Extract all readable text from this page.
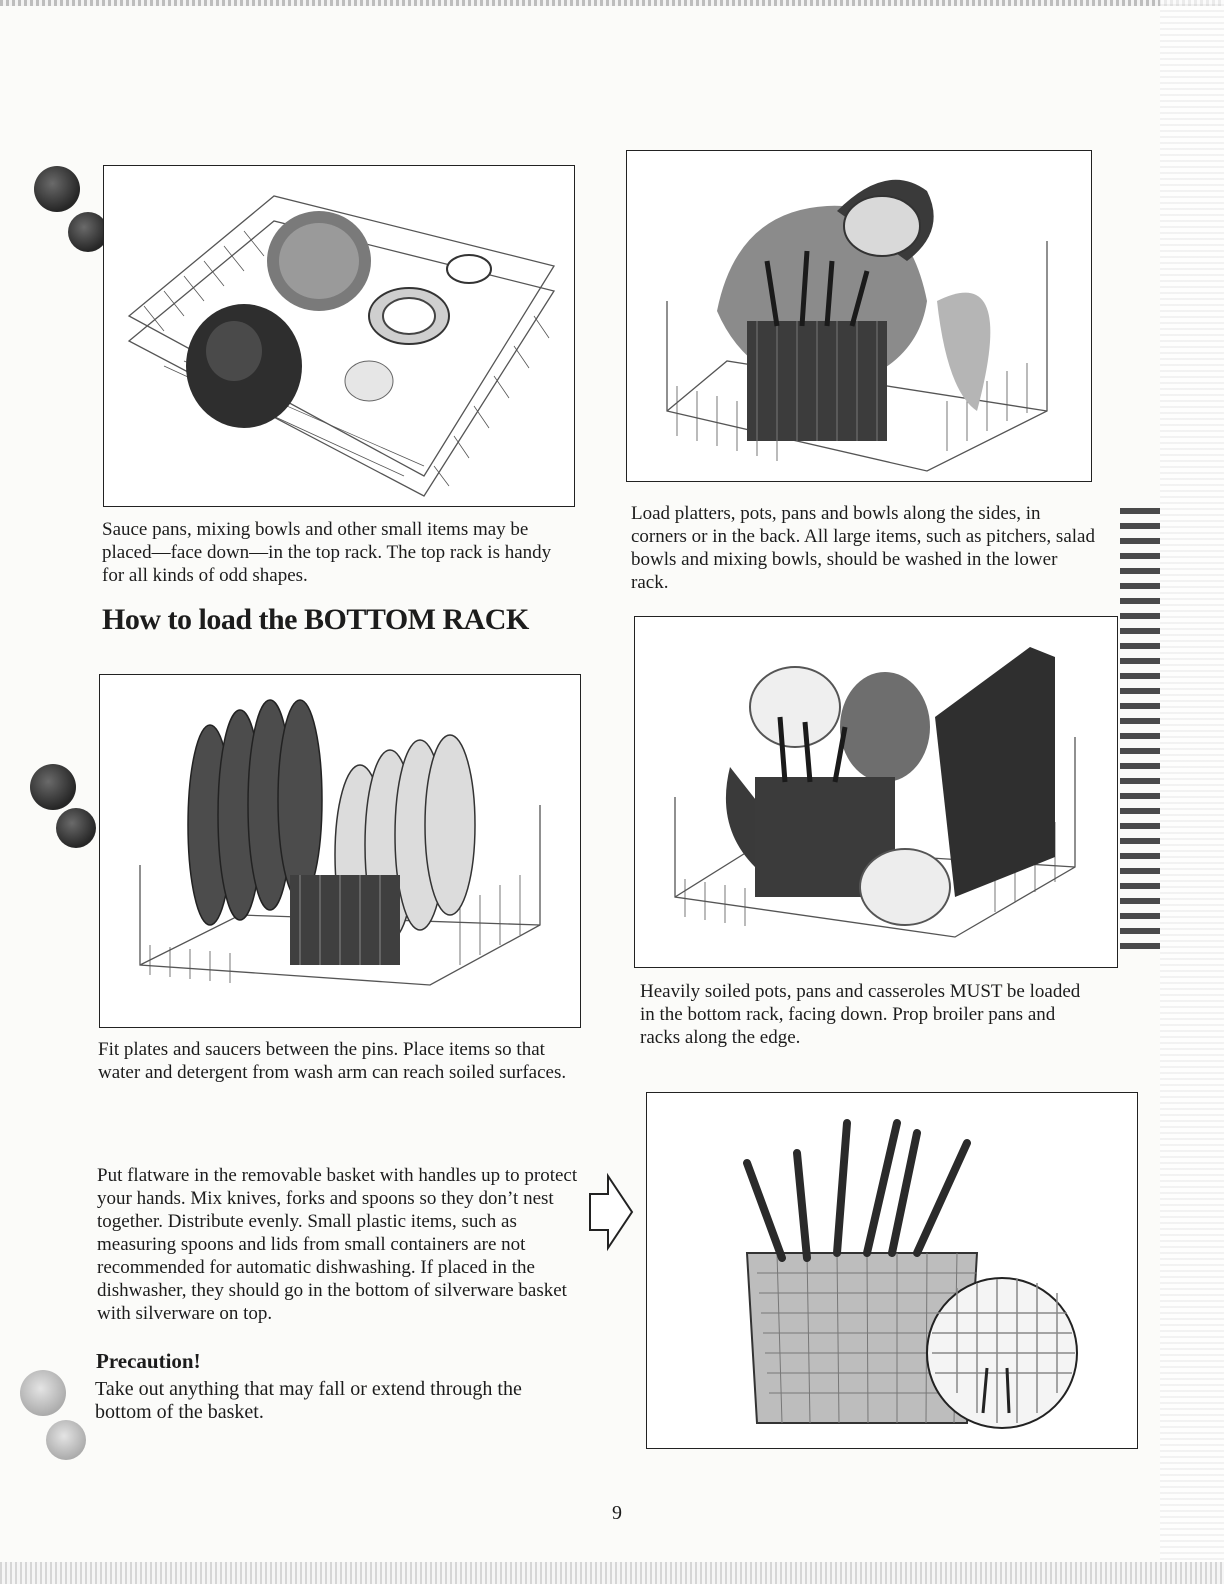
Sauce pans, mixing bowls and other small items may be placed—face down—in the top rack. The top rack is handy for all kinds of odd shapes.

Load platters, pots, pans and bowls along the sides, in corners or in the back. All large items, such as pitchers, salad bowls and mixing bowls, should be washed in the lower rack.

How to load the BOTTOM RACK

Fit plates and saucers between the pins. Place items so that water and detergent from wash arm can reach soiled surfaces.

Heavily soiled pots, pans and casseroles MUST be loaded in the bottom rack, facing down. Prop broiler pans and racks along the edge.

Put flatware in the removable basket with handles up to protect your hands. Mix knives, forks and spoons so they don’t nest together. Distribute evenly. Small plastic items, such as measuring spoons and lids from small containers are not recommended for automatic dishwashing. If placed in the dishwasher, they should go in the bottom of silverware basket with silverware on top.

Precaution!

Take out anything that may fall or extend through the bottom of the basket.

9
